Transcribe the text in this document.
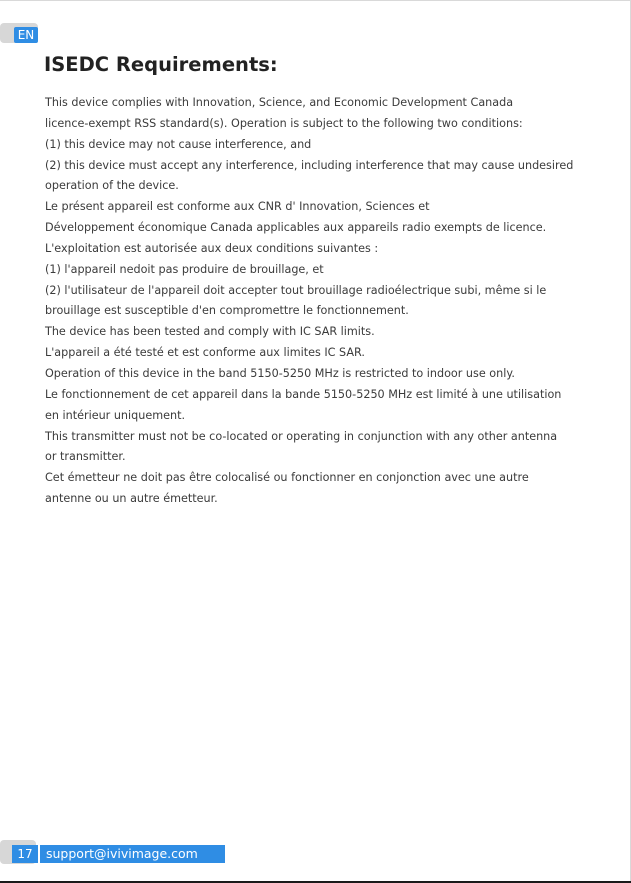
EN
ISEDC Requirements:
This device complies with Innovation, Science, and Economic Development Canada
licence-exempt RSS standard(s). Operation is subject to the following two conditions:
(1) this device may not cause interference, and
(2) this device must accept any interference, including interference that may cause undesired
operation of the device.
Le présent appareil est conforme aux CNR d' Innovation, Sciences et
Développement économique Canada applicables aux appareils radio exempts de licence.
L'exploitation est autorisée aux deux conditions suivantes :
(1) l'appareil nedoit pas produire de brouillage, et
(2) l'utilisateur de l'appareil doit accepter tout brouillage radioélectrique subi, même si le
brouillage est susceptible d'en compromettre le fonctionnement.
The device has been tested and comply with IC SAR limits.
L'appareil a été testé et est conforme aux limites IC SAR.
Operation of this device in the band 5150-5250 MHz is restricted to indoor use only.
Le fonctionnement de cet appareil dans la bande 5150-5250 MHz est limité à une utilisation
en intérieur uniquement.
This transmitter must not be co-located or operating in conjunction with any other antenna
or transmitter.
Cet émetteur ne doit pas être colocalisé ou fonctionner en conjonction avec une autre
antenne ou un autre émetteur.
17	support@ivivimage.com
